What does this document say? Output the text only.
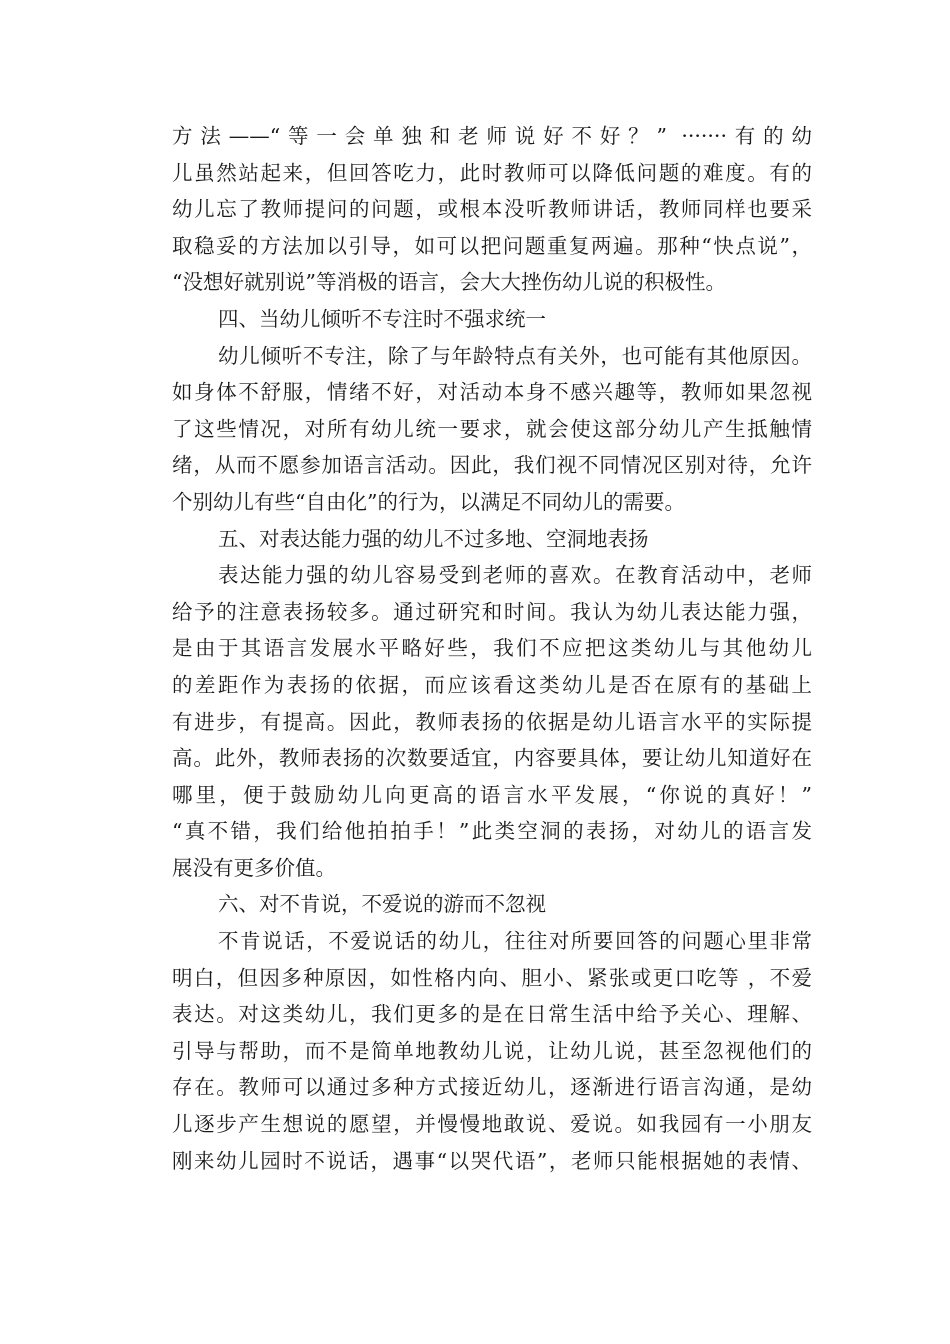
方法——“等一会单独和老师说好不好？” ·······有的幼
儿虽然站起来，但回答吃力，此时教师可以降低问题的难度。有的
幼儿忘了教师提问的问题，或根本没听教师讲话，教师同样也要采
取稳妥的方法加以引导，如可以把问题重复两遍。那种“快点说”，
“没想好就别说”等消极的语言，会大大挫伤幼儿说的积极性。
四、当幼儿倾听不专注时不强求统一
幼儿倾听不专注，除了与年龄特点有关外，也可能有其他原因。
如身体不舒服，情绪不好，对活动本身不感兴趣等，教师如果忽视
了这些情况，对所有幼儿统一要求，就会使这部分幼儿产生抵触情
绪，从而不愿参加语言活动。因此，我们视不同情况区别对待，允许
个别幼儿有些“自由化”的行为，以满足不同幼儿的需要。
五、对表达能力强的幼儿不过多地、空洞地表扬
表达能力强的幼儿容易受到老师的喜欢。在教育活动中，老师
给予的注意表扬较多。通过研究和时间。我认为幼儿表达能力强，
是由于其语言发展水平略好些，我们不应把这类幼儿与其他幼儿
的差距作为表扬的依据，而应该看这类幼儿是否在原有的基础上
有进步，有提高。因此，教师表扬的依据是幼儿语言水平的实际提
高。此外，教师表扬的次数要适宜，内容要具体，要让幼儿知道好在
哪里，便于鼓励幼儿向更高的语言水平发展，“你说的真好！”
“真不错，我们给他拍拍手！”此类空洞的表扬，对幼儿的语言发
展没有更多价值。
六、对不肯说，不爱说的游而不忽视
不肯说话，不爱说话的幼儿，往往对所要回答的问题心里非常
明白，但因多种原因，如性格内向、胆小、紧张或更口吃等 ，不爱
表达。对这类幼儿，我们更多的是在日常生活中给予关心、理解、
引导与帮助，而不是简单地教幼儿说，让幼儿说，甚至忽视他们的
存在。教师可以通过多种方式接近幼儿，逐渐进行语言沟通，是幼
儿逐步产生想说的愿望，并慢慢地敢说、爱说。如我园有一小朋友
刚来幼儿园时不说话，遇事“以哭代语”，老师只能根据她的表情、
